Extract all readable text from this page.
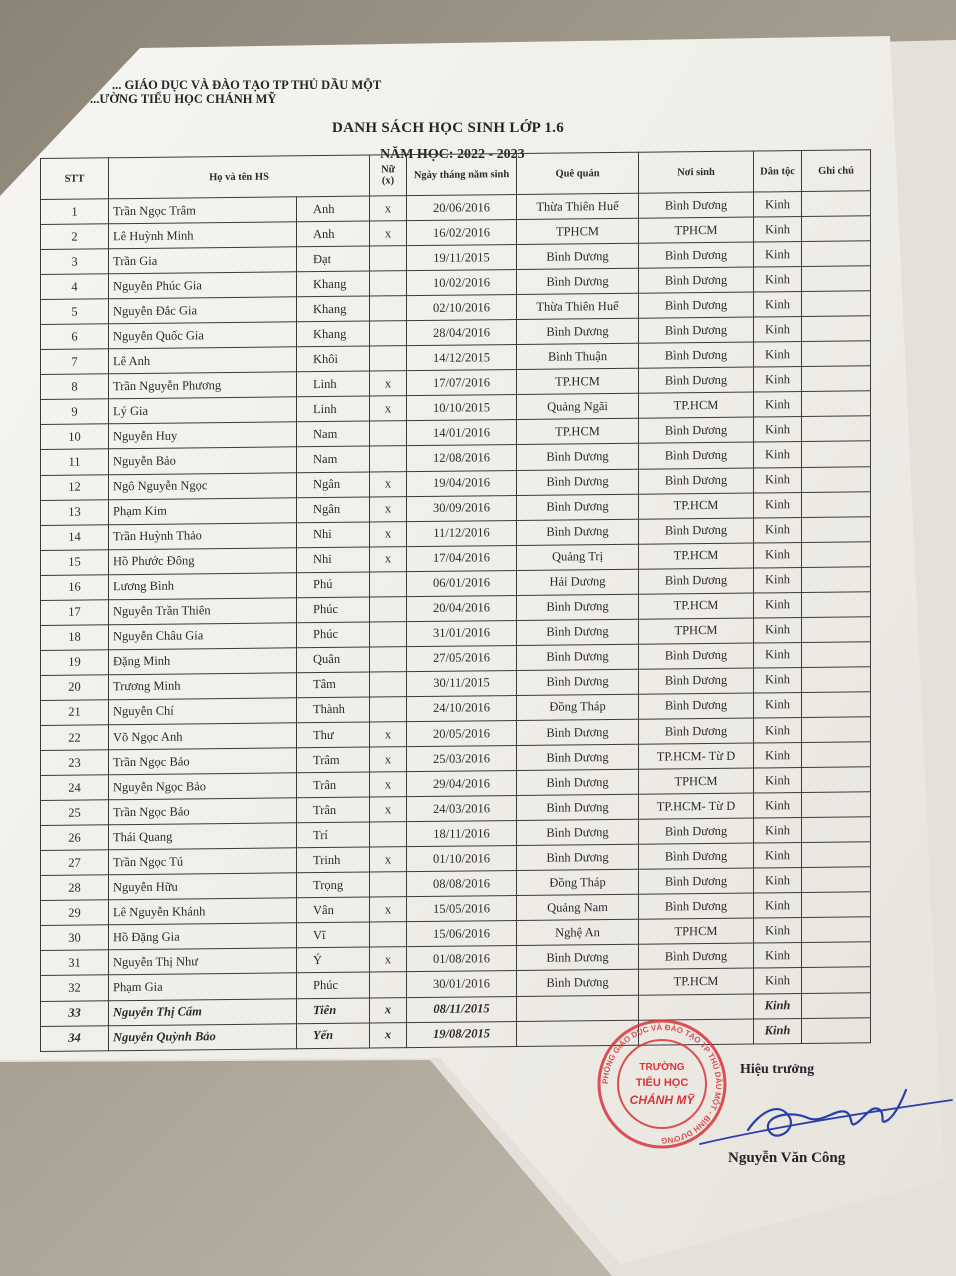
... GIÁO DỤC VÀ ĐÀO TẠO TP THỦ DẦU MỘT
...ƯỜNG TIỂU HỌC CHÁNH MỸ
DANH SÁCH HỌC SINH LỚP 1.6
NĂM HỌC: 2022 - 2023
STT	Họ và tên HS		Nữ (x)	Ngày tháng năm sinh	Quê quán	Nơi sinh	Dân tộc	Ghi chú
1	Trần Ngọc Trâm	Anh	x	20/06/2016	Thừa Thiên Huế	Bình Dương	Kinh	
2	Lê Huỳnh Minh	Anh	x	16/02/2016	TPHCM	TPHCM	Kinh	
3	Trần Gia	Đạt		19/11/2015	Bình Dương	Bình Dương	Kinh	
4	Nguyễn Phúc Gia	Khang		10/02/2016	Bình Dương	Bình Dương	Kinh	
5	Nguyễn Đắc Gia	Khang		02/10/2016	Thừa Thiên Huế	Bình Dương	Kinh	
6	Nguyễn Quốc Gia	Khang		28/04/2016	Bình Dương	Bình Dương	Kinh	
7	Lê Anh	Khôi		14/12/2015	Bình Thuận	Bình Dương	Kinh	
8	Trần Nguyễn Phương	Linh	x	17/07/2016	TP.HCM	Bình Dương	Kinh	
9	Lý Gia	Linh	x	10/10/2015	Quảng Ngãi	TP.HCM	Kinh	
10	Nguyễn Huy	Nam		14/01/2016	TP.HCM	Bình Dương	Kinh	
11	Nguyễn Bảo	Nam		12/08/2016	Bình Dương	Bình Dương	Kinh	
12	Ngô Nguyễn Ngọc	Ngân	x	19/04/2016	Bình Dương	Bình Dương	Kinh	
13	Phạm Kim	Ngân	x	30/09/2016	Bình Dương	TP.HCM	Kinh	
14	Trần Huỳnh Thảo	Nhi	x	11/12/2016	Bình Dương	Bình Dương	Kinh	
15	Hồ Phước Đông	Nhi	x	17/04/2016	Quảng Trị	TP.HCM	Kinh	
16	Lương Bình	Phú		06/01/2016	Hải Dương	Bình Dương	Kinh	
17	Nguyễn Trần Thiên	Phúc		20/04/2016	Bình Dương	TP.HCM	Kinh	
18	Nguyễn Châu Gia	Phúc		31/01/2016	Bình Dương	TPHCM	Kinh	
19	Đặng Minh	Quân		27/05/2016	Bình Dương	Bình Dương	Kinh	
20	Trương Minh	Tâm		30/11/2015	Bình Dương	Bình Dương	Kinh	
21	Nguyễn Chí	Thành		24/10/2016	Đồng Tháp	Bình Dương	Kinh	
22	Võ Ngọc Anh	Thư	x	20/05/2016	Bình Dương	Bình Dương	Kinh	
23	Trần Ngọc Bảo	Trâm	x	25/03/2016	Bình Dương	TP.HCM- Từ D	Kinh	
24	Nguyễn Ngọc Bảo	Trân	x	29/04/2016	Bình Dương	TPHCM	Kinh	
25	Trần Ngọc Bảo	Trân	x	24/03/2016	Bình Dương	TP.HCM- Từ D	Kinh	
26	Thái Quang	Trí		18/11/2016	Bình Dương	Bình Dương	Kinh	
27	Trần Ngọc Tú	Trinh	x	01/10/2016	Bình Dương	Bình Dương	Kinh	
28	Nguyễn Hữu	Trọng		08/08/2016	Đồng Tháp	Bình Dương	Kinh	
29	Lê Nguyễn Khánh	Vân	x	15/05/2016	Quảng Nam	Bình Dương	Kinh	
30	Hồ Đặng Gia	Vĩ		15/06/2016	Nghệ An	TPHCM	Kinh	
31	Nguyễn Thị Như	Ý	x	01/08/2016	Bình Dương	Bình Dương	Kinh	
32	Phạm Gia	Phúc		30/01/2016	Bình Dương	TP.HCM	Kinh	
33	Nguyễn Thị Cẩm	Tiên	x	08/11/2015			Kinh	
34	Nguyễn Quỳnh Bảo	Yến	x	19/08/2015			Kinh	
PHÒNG GIÁO DỤC VÀ ĐÀO TẠO TP THỦ DẦU MỘT - BÌNH DƯƠNG
TRƯỜNG
TIỂU HỌC
CHÁNH MỸ
Hiệu trưởng
Nguyễn Văn Công
